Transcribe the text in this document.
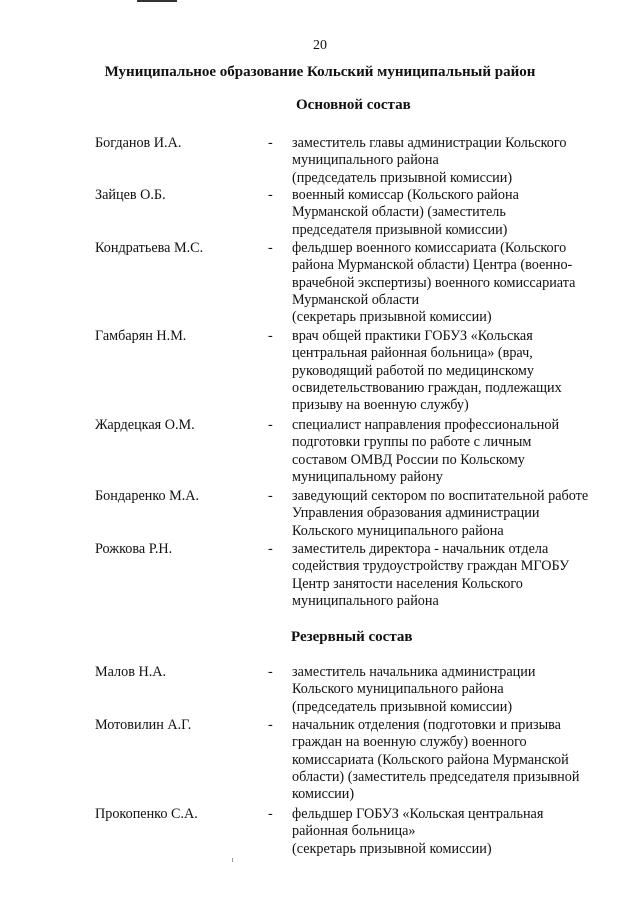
20
Муниципальное образование Кольский муниципальный район
Основной состав
Богданов И.А.	- заместитель главы администрации Кольского
муниципального района
(председатель призывной комиссии)
Зайцев О.Б.	- военный комиссар (Кольского района
Мурманской области) (заместитель
председателя призывной комиссии)
Кондратьева М.С.	- фельдшер военного комиссариата (Кольского
района Мурманской области) Центра (военно-
врачебной экспертизы) военного комиссариата
Мурманской области
(секретарь призывной комиссии)
Гамбарян Н.М.	- врач общей практики ГОБУЗ «Кольская
центральная районная больница» (врач,
руководящий работой по медицинскому
освидетельствованию граждан, подлежащих
призыву на военную службу)
Жардецкая О.М.	- специалист направления профессиональной
подготовки группы по работе с личным
составом ОМВД России по Кольскому
муниципальному району
Бондаренко М.А.	- заведующий сектором по воспитательной работе
Управления образования администрации
Кольского муниципального района
Рожкова Р.Н.	- заместитель директора - начальник отдела
содействия трудоустройству граждан МГОБУ
Центр занятости населения Кольского
муниципального района
Резервный состав
Малов Н.А.	- заместитель начальника администрации
Кольского муниципального района
(председатель призывной комиссии)
Мотовилин А.Г.	- начальник отделения (подготовки и призыва
граждан на военную службу) военного
комиссариата (Кольского района Мурманской
области) (заместитель председателя призывной
комиссии)
Прокопенко С.А.	- фельдшер ГОБУЗ «Кольская центральная
районная больница»
(секретарь призывной комиссии)
